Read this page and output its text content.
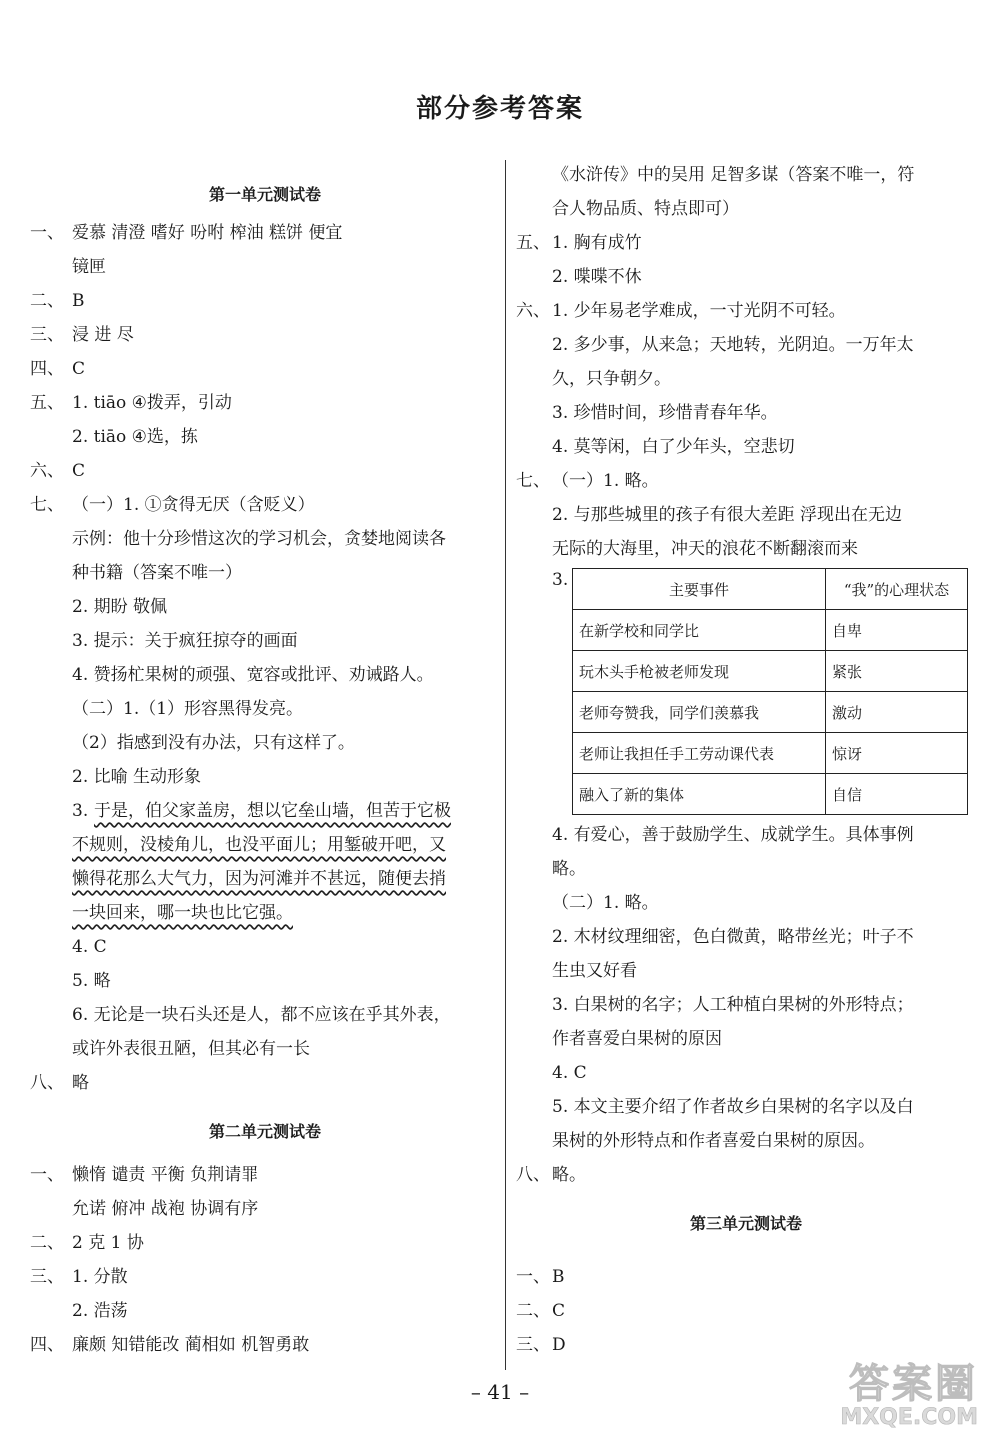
部分参考答案
第一单元测试卷
一、 爱慕 清澄 嗜好 吩咐 榨油 糕饼 便宜
镜匣
二、 B
三、 浸 进 尽
四、 C
五、 1. tiāo ④拨弄，引动
2. tiāo ④选，拣
六、 C
七、 （一）1. ①贪得无厌（含贬义）
示例：他十分珍惜这次的学习机会，贪婪地阅读各
种书籍（答案不唯一）
2. 期盼 敬佩
3. 提示：关于疯狂掠夺的画面
4. 赞扬杧果树的顽强、宽容或批评、劝诫路人。
（二）1.（1）形容黑得发亮。
（2）指感到没有办法，只有这样了。
2. 比喻 生动形象
3. 于是，伯父家盖房，想以它垒山墙，但苦于它极
不规则，没棱角儿，也没平面儿；用錾破开吧，又
懒得花那么大气力，因为河滩并不甚远，随便去捎
一块回来，哪一块也比它强。
4. C
5. 略
6. 无论是一块石头还是人，都不应该在乎其外表，
或许外表很丑陋，但其必有一长
八、 略
第二单元测试卷
一、 懒惰 谴责 平衡 负荆请罪
允诺 俯冲 战袍 协调有序
二、 2 克 1 协
三、 1. 分散
2. 浩荡
四、 廉颇 知错能改 蔺相如 机智勇敢
《水浒传》中的吴用 足智多谋（答案不唯一，符
合人物品质、特点即可）
五、 1. 胸有成竹
2. 喋喋不休
六、 1. 少年易老学难成，一寸光阴不可轻。
2. 多少事，从来急；天地转，光阴迫。一万年太
久，只争朝夕。
3. 珍惜时间，珍惜青春年华。
4. 莫等闲，白了少年头，空悲切
七、 （一）1. 略。
2. 与那些城里的孩子有很大差距 浮现出在无边
无际的大海里，冲天的浪花不断翻滚而来
3.	主要事件	“我”的心理状态
在新学校和同学比	自卑
玩木头手枪被老师发现	紧张
老师夸赞我，同学们羡慕我	激动
老师让我担任手工劳动课代表	惊讶
融入了新的集体	自信
4. 有爱心，善于鼓励学生、成就学生。具体事例
略。
（二）1. 略。
2. 木材纹理细密，色白微黄，略带丝光；叶子不
生虫又好看
3. 白果树的名字；人工种植白果树的外形特点；
作者喜爱白果树的原因
4. C
5. 本文主要介绍了作者故乡白果树的名字以及白
果树的外形特点和作者喜爱白果树的原因。
八、 略。
第三单元测试卷
一、 B
二、 C
三、 D
– 41 –	答案圈
MXQE.COM
